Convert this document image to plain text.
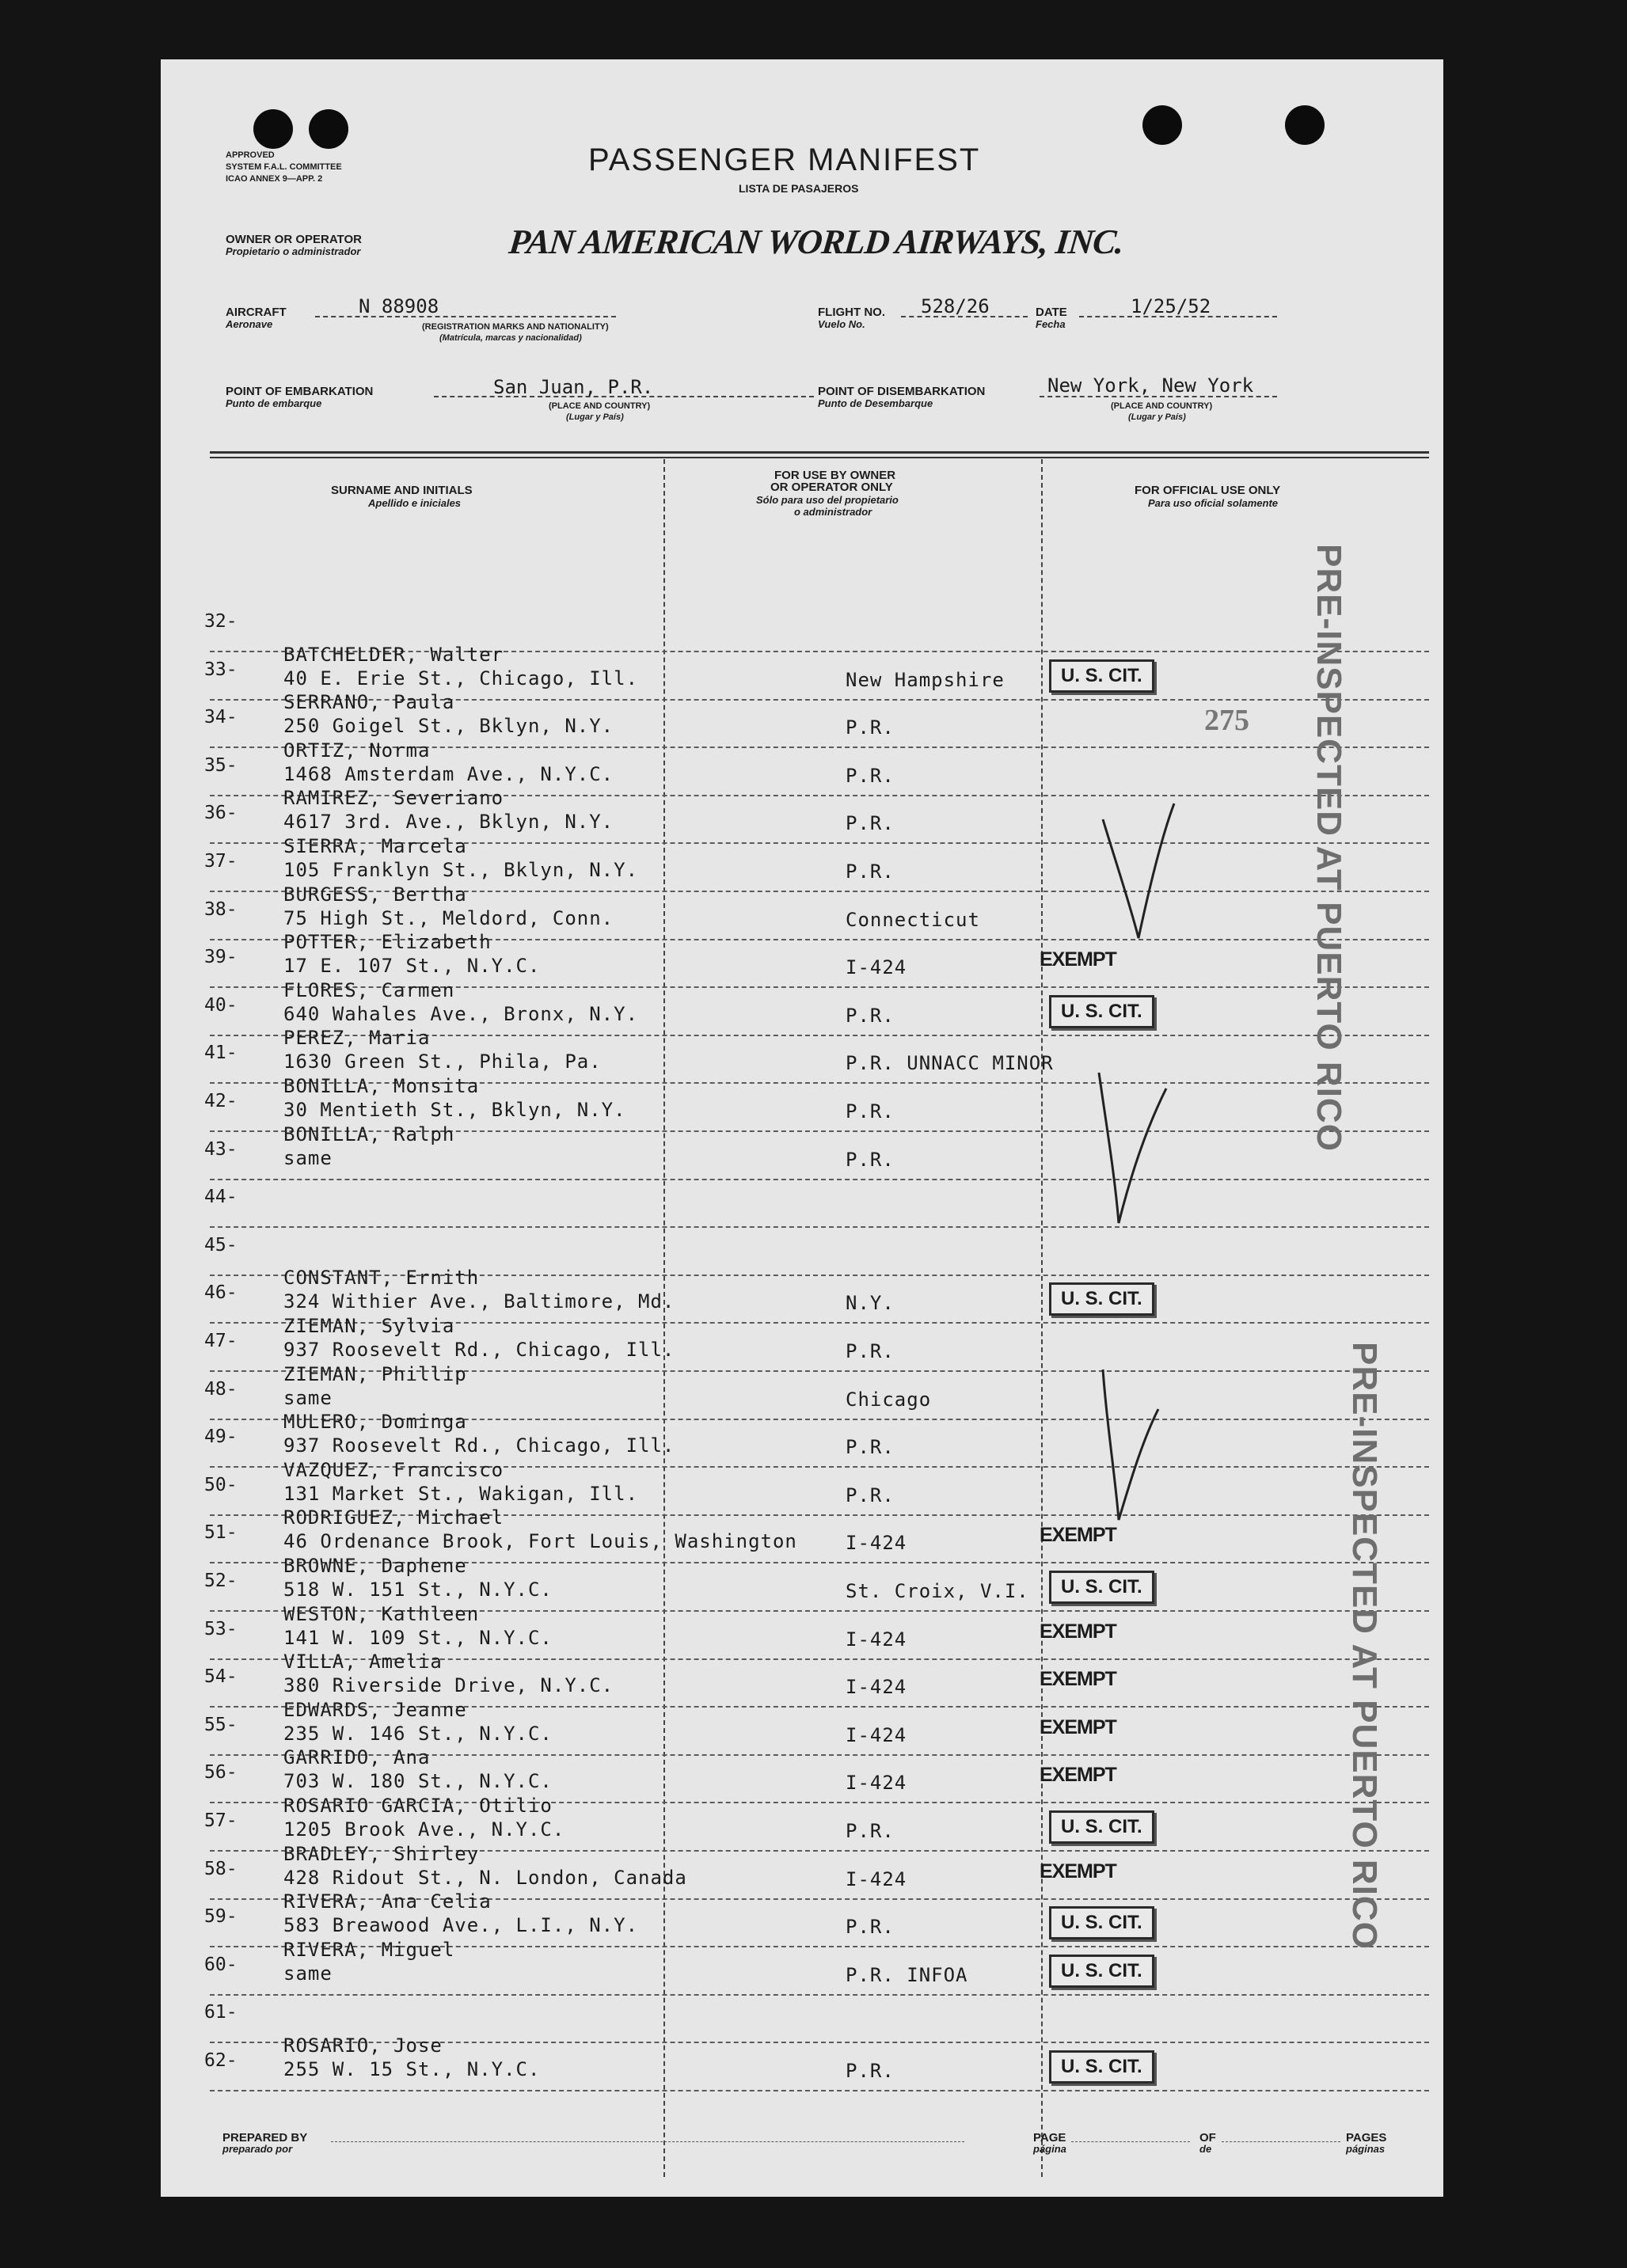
APPROVED
SYSTEM F.A.L. COMMITTEE
ICAO ANNEX 9—APP. 2
PASSENGER MANIFEST
LISTA DE PASAJEROS
OWNER OR OPERATOR
Propietario o administrador	PAN AMERICAN WORLD AIRWAYS, INC.
AIRCRAFT
Aeronave
N 88908
(REGISTRATION MARKS AND NATIONALITY)
(Matrícula, marcas y nacionalidad)
FLIGHT NO.
Vuelo No.
528/26	DATE
Fecha
1/25/52
POINT OF EMBARKATION
Punto de embarque
San Juan, P.R.
(PLACE AND COUNTRY)
(Lugar y País)
POINT OF DISEMBARKATION
Punto de Desembarque
New York, New York
(PLACE AND COUNTRY)
(Lugar y País)
SURNAME AND INITIALS
Apellido e iniciales
FOR USE BY OWNER
OR OPERATOR ONLY
Sólo para uso del propietario
o administrador
FOR OFFICIAL USE ONLY
Para uso oficial solamente
32-
33-
BATCHELDER, Walter
40 E. Erie St., Chicago, Ill.	New Hampshire	U. S. CIT.
34-
SERRANO, Paula
250 Goigel St., Bklyn, N.Y.	P.R.
35-
ORTIZ, Norma
1468 Amsterdam Ave., N.Y.C.	P.R.
36-
RAMIREZ, Severiano
4617 3rd. Ave., Bklyn, N.Y.	P.R.
37-
SIERRA, Marcela
105 Franklyn St., Bklyn, N.Y.	P.R.
38-
BURGESS, Bertha
75 High St., Meldord, Conn.	Connecticut
39-
POTTER, Elizabeth
17 E. 107 St., N.Y.C.	I-424	EXEMPT
40-
FLORES, Carmen
640 Wahales Ave., Bronx, N.Y.	P.R.	U. S. CIT.
41-
PEREZ, Maria
1630 Green St., Phila, Pa.	P.R. UNNACC MINOR
42-
BONILLA, Monsita
30 Mentieth St., Bklyn, N.Y.	P.R.
43-
BONILLA, Ralph
same	P.R.
44-
45-
46-
CONSTANT, Ernith
324 Withier Ave., Baltimore, Md.	N.Y.	U. S. CIT.
47-
ZIEMAN, Sylvia
937 Roosevelt Rd., Chicago, Ill.	P.R.
48-
ZIEMAN, Phillip
same	Chicago
49-
MULERO, Dominga
937 Roosevelt Rd., Chicago, Ill.	P.R.
50-
VAZQUEZ, Francisco
131 Market St., Wakigan, Ill.	P.R.
51-
RODRIGUEZ, Michael
46 Ordenance Brook, Fort Louis, Washington	I-424	EXEMPT
52-
BROWNE, Daphene
518 W. 151 St., N.Y.C.	St. Croix, V.I.	U. S. CIT.
53-
WESTON, Kathleen
141 W. 109 St., N.Y.C.	I-424	EXEMPT
54-
VILLA, Amelia
380 Riverside Drive, N.Y.C.	I-424	EXEMPT
55-
EDWARDS, Jeanne
235 W. 146 St., N.Y.C.	I-424	EXEMPT
56-
GARRIDO, Ana
703 W. 180 St., N.Y.C.	I-424	EXEMPT
57-
ROSARIO GARCIA, Otilio
1205 Brook Ave., N.Y.C.	P.R.	U. S. CIT.
58-
BRADLEY, Shirley
428 Ridout St., N. London, Canada	I-424	EXEMPT
59-
RIVERA, Ana Celia
583 Breawood Ave., L.I., N.Y.	P.R.	U. S. CIT.
60-
RIVERA, Miguel
same	P.R. INFOA	U. S. CIT.
61-
62-
ROSARIO, Jose
255 W. 15 St., N.Y.C.	P.R.	U. S. CIT.
275 PRE-INSPECTED AT PUERTO RICO
PRE-INSPECTED AT PUERTO RICO
PREPARED BY
preparado por
PAGE
página
OF
de
PAGES
páginas
